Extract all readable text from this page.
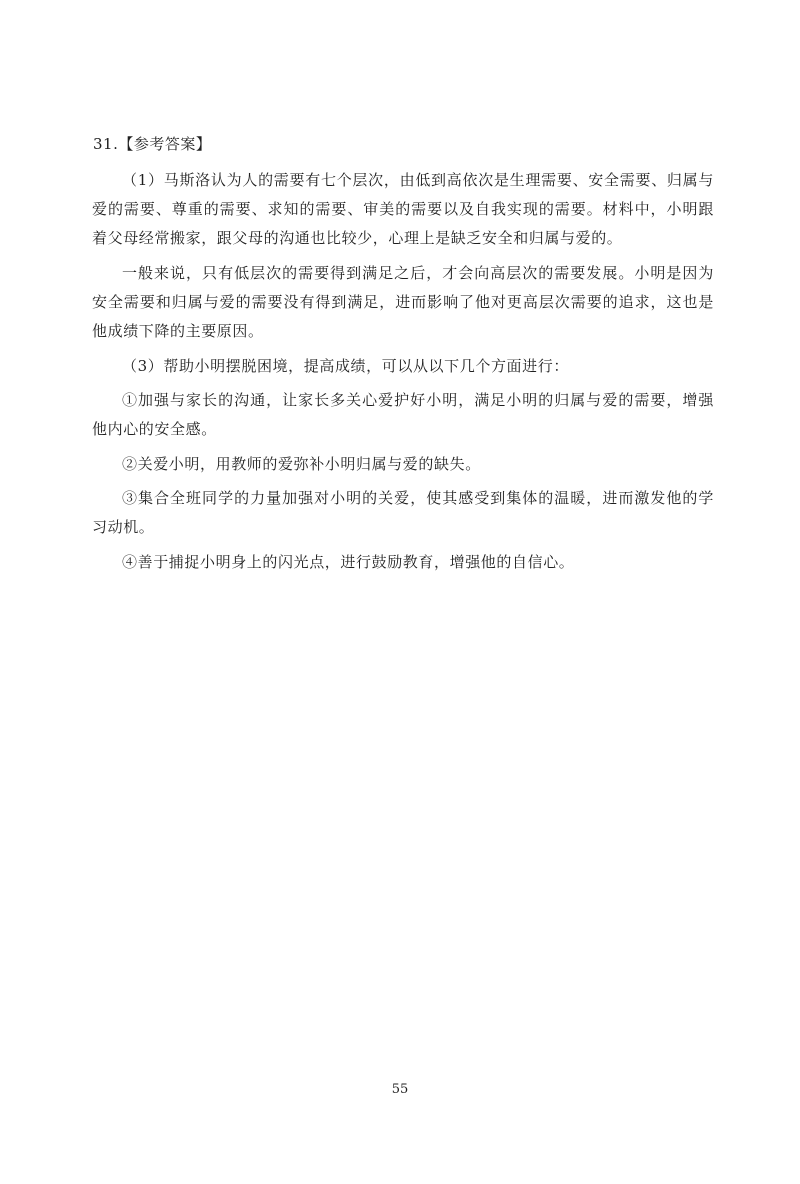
31.【参考答案】

（1）马斯洛认为人的需要有七个层次，由低到高依次是生理需要、安全需要、归属与爱的需要、尊重的需要、求知的需要、审美的需要以及自我实现的需要。材料中，小明跟着父母经常搬家，跟父母的沟通也比较少，心理上是缺乏安全和归属与爱的。

一般来说，只有低层次的需要得到满足之后，才会向高层次的需要发展。小明是因为安全需要和归属与爱的需要没有得到满足，进而影响了他对更高层次需要的追求，这也是他成绩下降的主要原因。

（3）帮助小明摆脱困境，提高成绩，可以从以下几个方面进行：

①加强与家长的沟通，让家长多关心爱护好小明，满足小明的归属与爱的需要，增强他内心的安全感。

②关爱小明，用教师的爱弥补小明归属与爱的缺失。

③集合全班同学的力量加强对小明的关爱，使其感受到集体的温暖，进而激发他的学习动机。

④善于捕捉小明身上的闪光点，进行鼓励教育，增强他的自信心。

55
